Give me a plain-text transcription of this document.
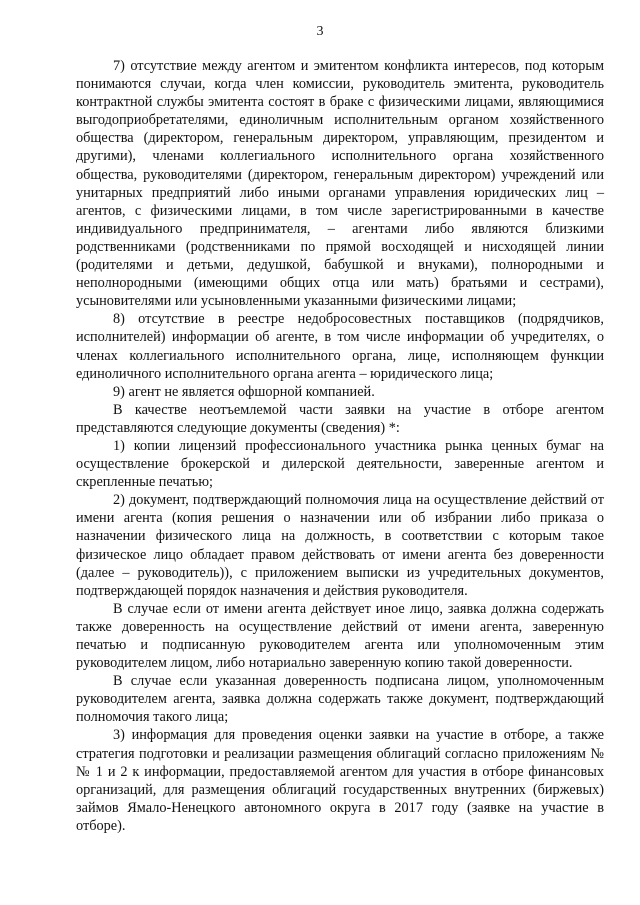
3

7) отсутствие между агентом и эмитентом конфликта интересов, под которым понимаются случаи, когда член комиссии, руководитель эмитента, руководитель контрактной службы эмитента состоят в браке с физическими лицами, являющимися выгодоприобретателями, единоличным исполнительным органом хозяйственного общества (директором, генеральным директором, управляющим, президентом и другими), членами коллегиального исполнительного органа хозяйственного общества, руководителями (директором, генеральным директором) учреждений или унитарных предприятий либо иными органами управления юридических лиц – агентов, с физическими лицами, в том числе зарегистрированными в качестве индивидуального предпринимателя, – агентами либо являются близкими родственниками (родственниками по прямой восходящей и нисходящей линии (родителями и детьми, дедушкой, бабушкой и внуками), полнородными и неполнородными (имеющими общих отца или мать) братьями и сестрами), усыновителями или усыновленными указанными физическими лицами;

8) отсутствие в реестре недобросовестных поставщиков (подрядчиков, исполнителей) информации об агенте, в том числе информации об учредителях, о членах коллегиального исполнительного органа, лице, исполняющем функции единоличного исполнительного органа агента – юридического лица;

9) агент не является офшорной компанией.

В качестве неотъемлемой части заявки на участие в отборе агентом представляются следующие документы (сведения) *:

1) копии лицензий профессионального участника рынка ценных бумаг на осуществление брокерской и дилерской деятельности, заверенные агентом и скрепленные печатью;

2) документ, подтверждающий полномочия лица на осуществление действий от имени агента (копия решения о назначении или об избрании либо приказа о назначении физического лица на должность, в соответствии с которым такое физическое лицо обладает правом действовать от имени агента без доверенности (далее – руководитель)), с приложением выписки из учредительных документов, подтверждающей порядок назначения и действия руководителя.

В случае если от имени агента действует иное лицо, заявка должна содержать также доверенность на осуществление действий от имени агента, заверенную печатью и подписанную руководителем агента или уполномоченным этим руководителем лицом, либо нотариально заверенную копию такой доверенности.

В случае если указанная доверенность подписана лицом, уполномоченным руководителем агента, заявка должна содержать также документ, подтверждающий полномочия такого лица;

3) информация для проведения оценки заявки на участие в отборе, а также стратегия подготовки и реализации размещения облигаций согласно приложениям №№ 1 и 2 к информации, предоставляемой агентом для участия в отборе финансовых организаций, для размещения облигаций государственных внутренних (биржевых) займов Ямало-Ненецкого автономного округа в 2017 году (заявке на участие в отборе).
